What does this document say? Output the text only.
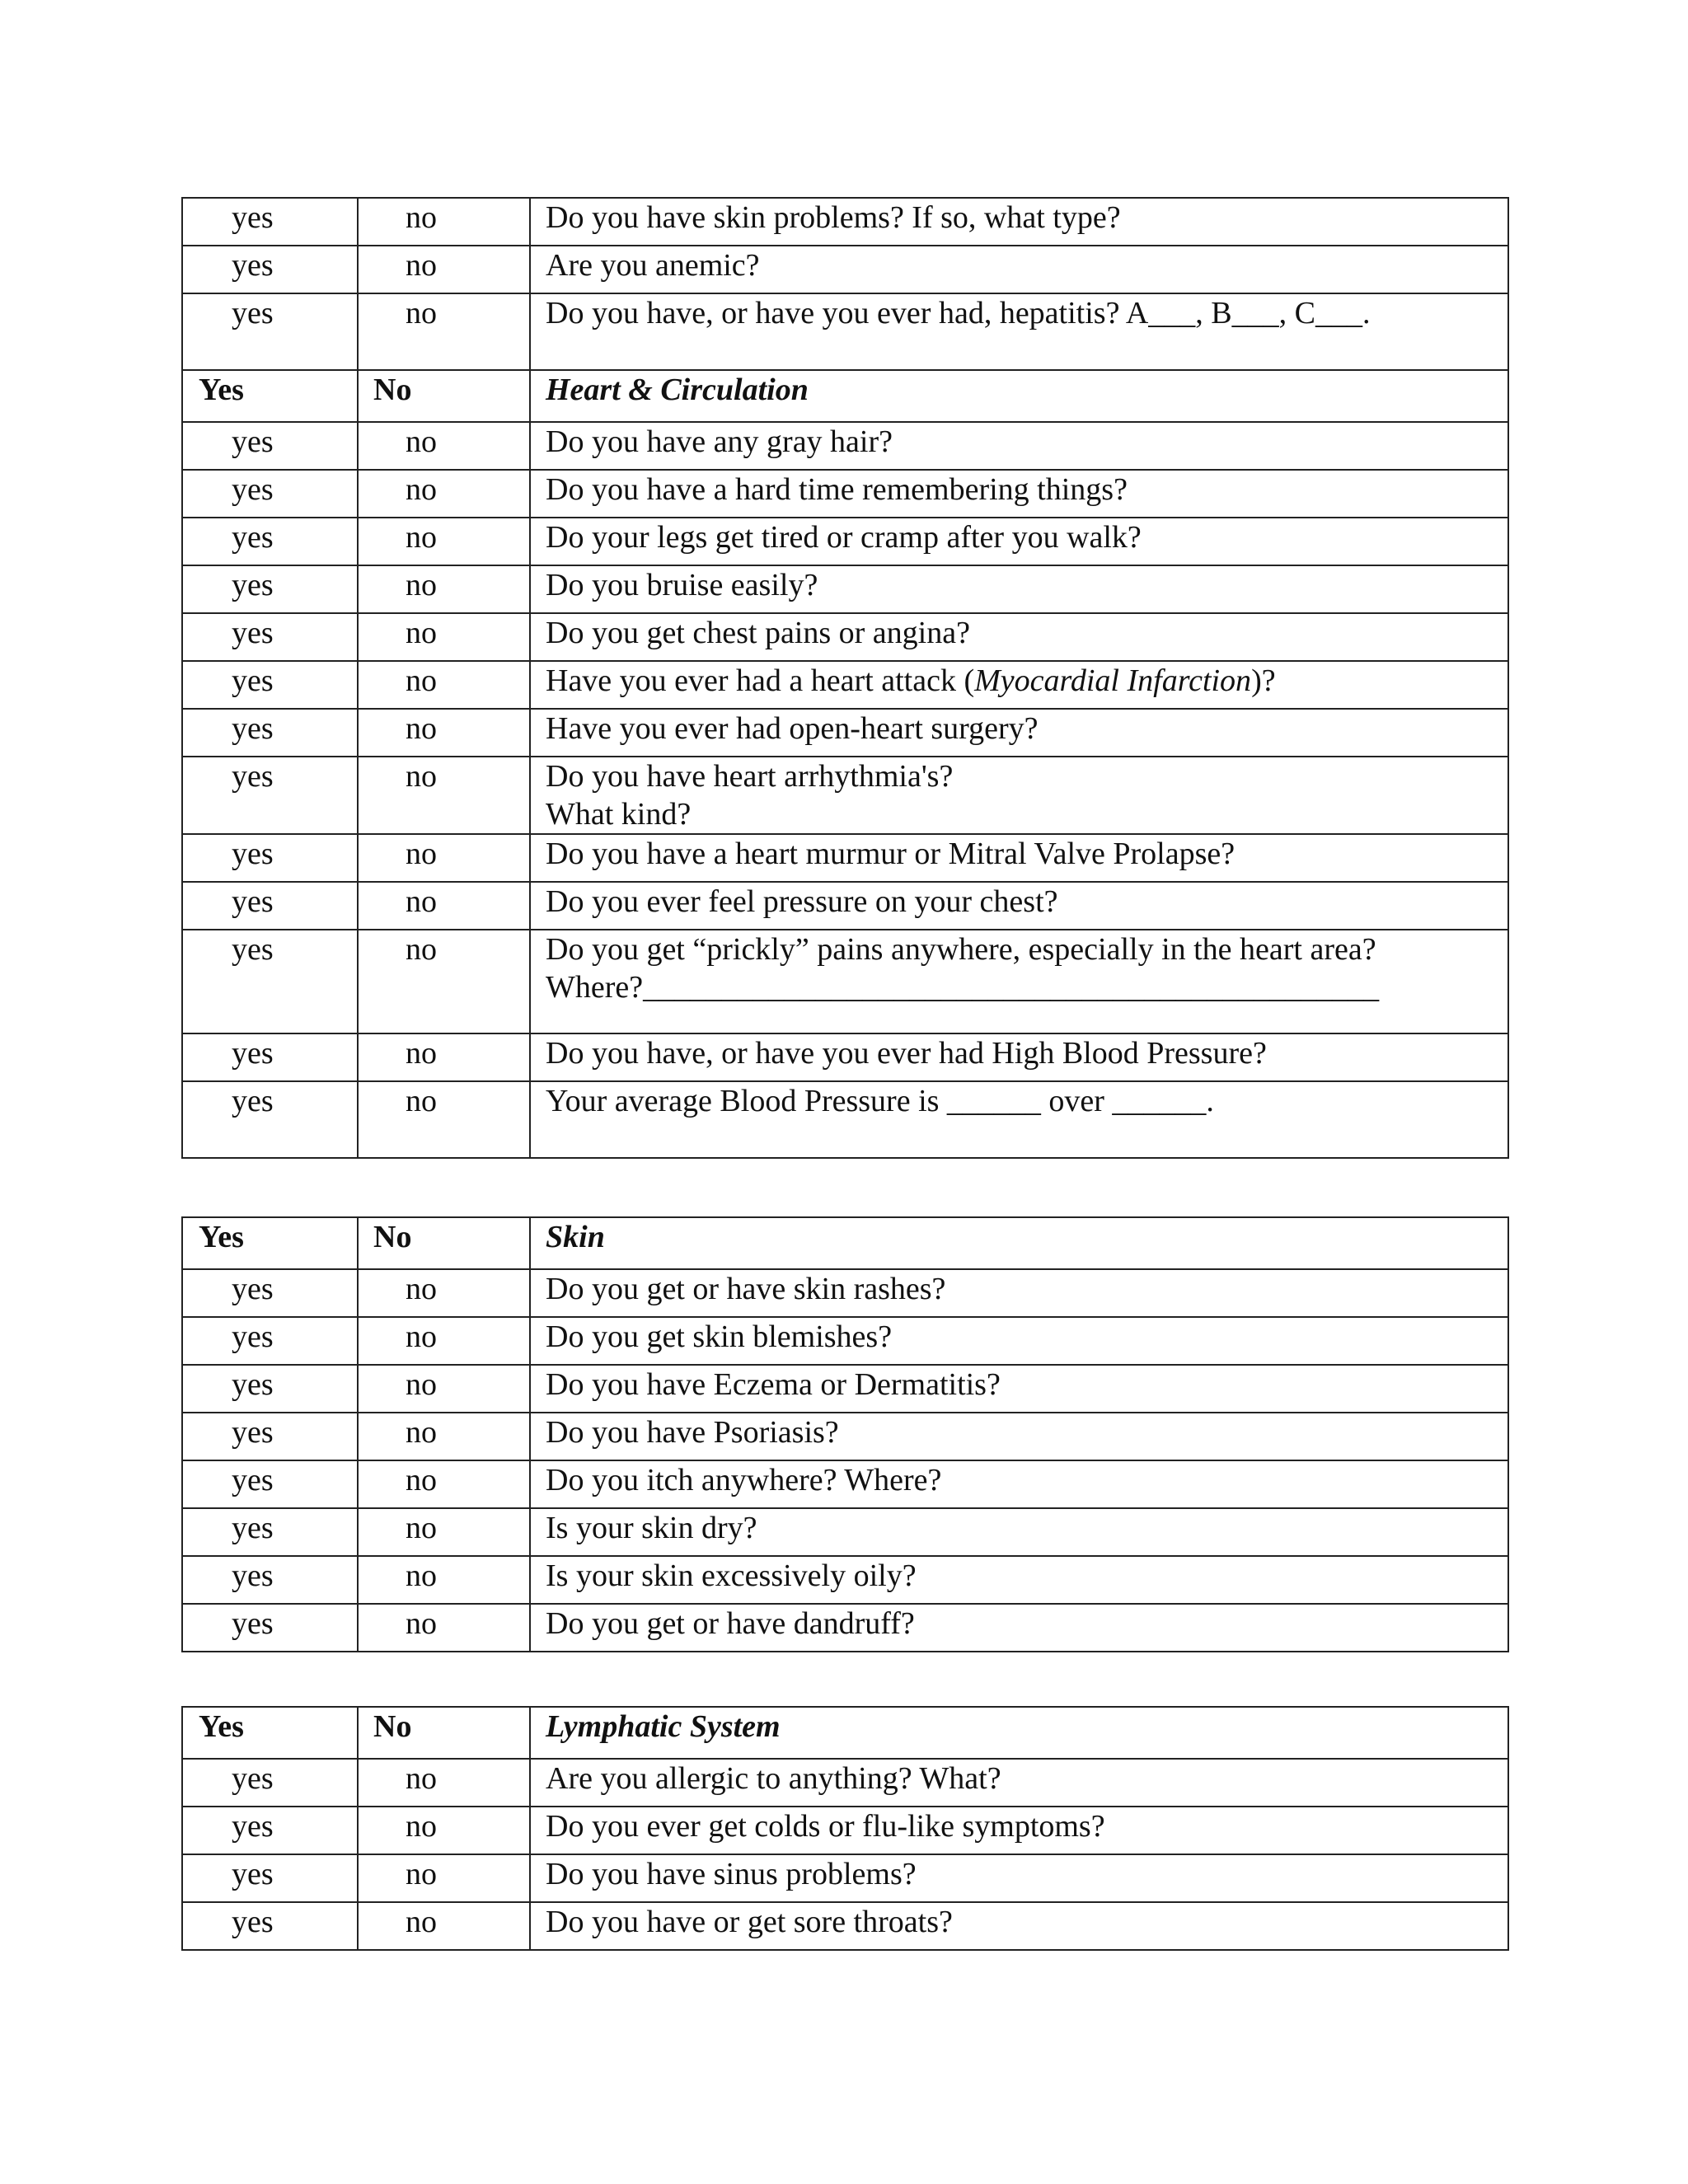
yes	no	Do you have skin problems? If so, what type?
yes	no	Are you anemic?
yes	no	Do you have, or have you ever had, hepatitis? A___, B___, C___.
Yes	No	Heart & Circulation
yes	no	Do you have any gray hair?
yes	no	Do you have a hard time remembering things?
yes	no	Do your legs get tired or cramp after you walk?
yes	no	Do you bruise easily?
yes	no	Do you get chest pains or angina?
yes	no	Have you ever had a heart attack (Myocardial Infarction)?
yes	no	Have you ever had open-heart surgery?
yes	no	Do you have heart arrhythmia's?
What kind?

yes	no	Do you have a heart murmur or Mitral Valve Prolapse?
yes	no	Do you ever feel pressure on your chest?
yes	no	Do you get “prickly” pains anywhere, especially in the heart area?
Where?_______________________________________________

yes	no	Do you have, or have you ever had High Blood Pressure?
yes	no	Your average Blood Pressure is ______ over ______.
Yes	No	Skin
yes	no	Do you get or have skin rashes?
yes	no	Do you get skin blemishes?
yes	no	Do you have Eczema or Dermatitis?
yes	no	Do you have Psoriasis?
yes	no	Do you itch anywhere? Where?
yes	no	Is your skin dry?
yes	no	Is your skin excessively oily?
yes	no	Do you get or have dandruff?
Yes	No	Lymphatic System
yes	no	Are you allergic to anything? What?
yes	no	Do you ever get colds or flu-like symptoms?
yes	no	Do you have sinus problems?
yes	no	Do you have or get sore throats?
